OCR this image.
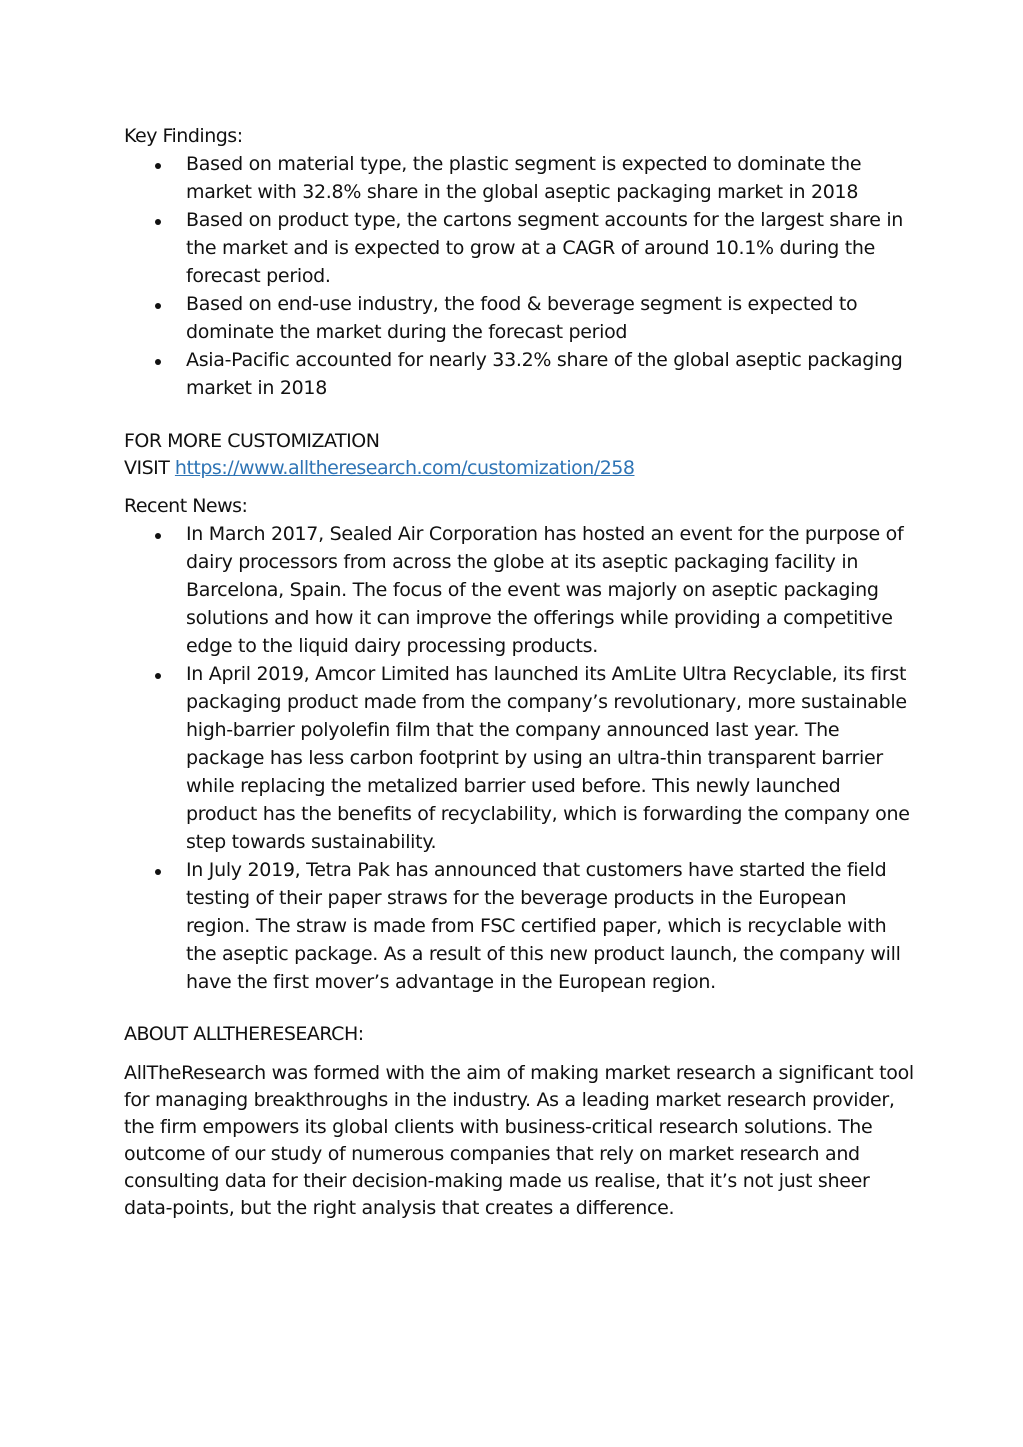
Key Findings:
Based on material type, the plastic segment is expected to dominate the market with 32.8% share in the global aseptic packaging market in 2018
Based on product type, the cartons segment accounts for the largest share in the market and is expected to grow at a CAGR of around 10.1% during the forecast period.
Based on end-use industry, the food & beverage segment is expected to dominate the market during the forecast period
Asia-Pacific accounted for nearly 33.2% share of the global aseptic packaging market in 2018

FOR MORE CUSTOMIZATION

VISIT https://www.alltheresearch.com/customization/258

Recent News:
In March 2017, Sealed Air Corporation has hosted an event for the purpose of dairy processors from across the globe at its aseptic packaging facility in Barcelona, Spain. The focus of the event was majorly on aseptic packaging solutions and how it can improve the offerings while providing a competitive edge to the liquid dairy processing products.
In April 2019, Amcor Limited has launched its AmLite Ultra Recyclable, its first packaging product made from the company’s revolutionary, more sustainable high-barrier polyolefin film that the company announced last year. The package has less carbon footprint by using an ultra-thin transparent barrier while replacing the metalized barrier used before. This newly launched product has the benefits of recyclability, which is forwarding the company one step towards sustainability.
In July 2019, Tetra Pak has announced that customers have started the field testing of their paper straws for the beverage products in the European region. The straw is made from FSC certified paper, which is recyclable with the aseptic package. As a result of this new product launch, the company will have the first mover’s advantage in the European region.
ABOUT ALLTHERESEARCH:

AllTheResearch was formed with the aim of making market research a significant tool for managing breakthroughs in the industry. As a leading market research provider, the firm empowers its global clients with business-critical research solutions. The outcome of our study of numerous companies that rely on market research and consulting data for their decision-making made us realise, that it’s not just sheer data-points, but the right analysis that creates a difference.
